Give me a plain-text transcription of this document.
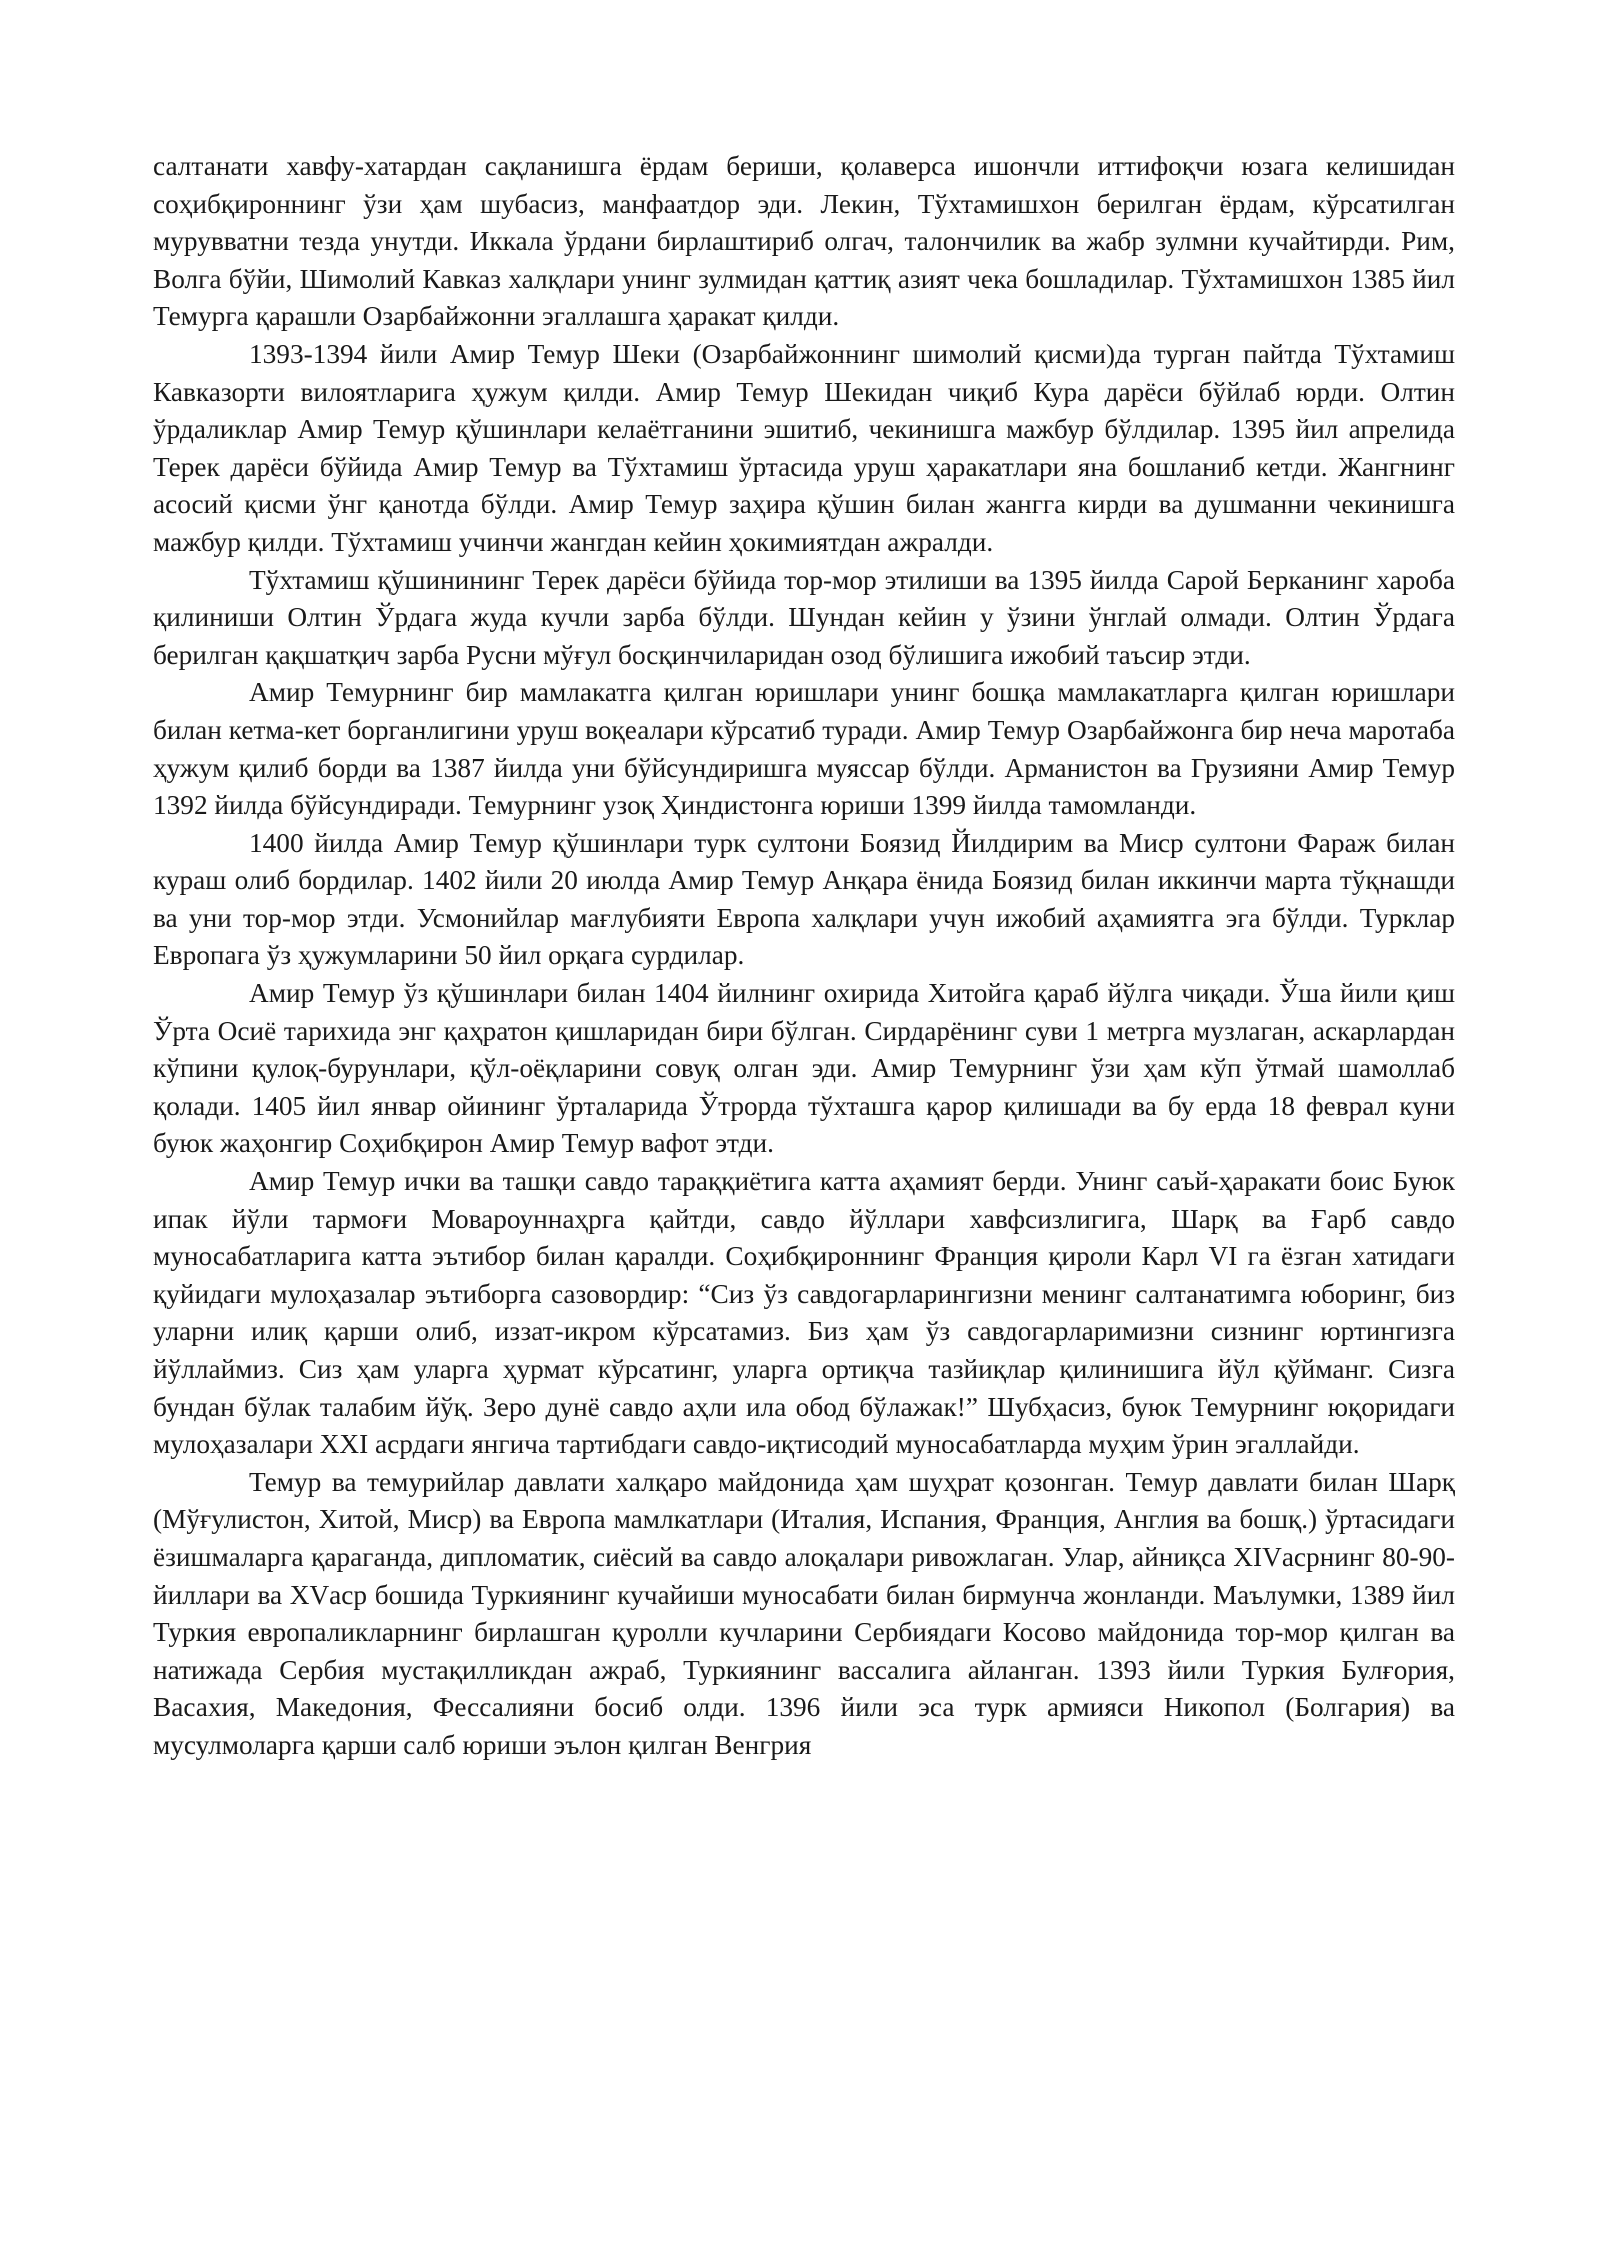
салтанати хавфу-хатардан сақланишга ёрдам бериши, қолаверса ишончли иттифоқчи юзага келишидан соҳибқироннинг ўзи ҳам шубасиз, манфаатдор эди. Лекин, Тўхтамишхон берилган ёрдам, кўрсатилган мурувватни тезда унутди. Иккала ўрдани бирлаштириб олгач, талончилик ва жабр зулмни кучайтирди. Рим, Волга бўйи, Шимолий Кавказ халқлари унинг зулмидан қаттиқ азият чека бошладилар. Тўхтамишхон 1385 йил Темурга қарашли Озарбайжонни эгаллашга ҳаракат қилди.

1393-1394 йили Амир Темур Шеки (Озарбайжоннинг шимолий қисми)да турган пайтда Тўхтамиш Кавказорти вилоятларига ҳужум қилди. Амир Темур Шекидан чиқиб Кура дарёси бўйлаб юрди. Олтин ўрдаликлар Амир Темур қўшинлари келаётганини эшитиб, чекинишга мажбур бўлдилар. 1395 йил апрелида Терек дарёси бўйида Амир Темур ва Тўхтамиш ўртасида уруш ҳаракатлари яна бошланиб кетди. Жангнинг асосий қисми ўнг қанотда бўлди. Амир Темур заҳира қўшин билан жангга кирди ва душманни чекинишга мажбур қилди. Тўхтамиш учинчи жангдан кейин ҳокимиятдан ажралди.

Тўхтамиш қўшинининг Терек дарёси бўйида тор-мор этилиши ва 1395 йилда Сарой Берканинг хароба қилиниши Олтин Ўрдага жуда кучли зарба бўлди. Шундан кейин у ўзини ўнглай олмади. Олтин Ўрдага берилган қақшатқич зарба Русни мўғул босқинчиларидан озод бўлишига ижобий таъсир этди.

Амир Темурнинг бир мамлакатга қилган юришлари унинг бошқа мамлакатларга қилган юришлари билан кетма-кет борганлигини уруш воқеалари кўрсатиб туради. Амир Темур Озарбайжонга бир неча маротаба ҳужум қилиб борди ва 1387 йилда уни бўйсундиришга муяссар бўлди. Арманистон ва Грузияни Амир Темур 1392 йилда бўйсундиради. Темурнинг узоқ Ҳиндистонга юриши 1399 йилда тамомланди.

1400 йилда Амир Темур қўшинлари турк султони Боязид Йилдирим ва Миср султони Фараж билан кураш олиб бордилар. 1402 йили 20 июлда Амир Темур Анқара ёнида Боязид билан иккинчи марта тўқнашди ва уни тор-мор этди. Усмонийлар мағлубияти Европа халқлари учун ижобий аҳамиятга эга бўлди. Турклар Европага ўз ҳужумларини 50 йил орқага сурдилар.

Амир Темур ўз қўшинлари билан 1404 йилнинг охирида Хитойга қараб йўлга чиқади. Ўша йили қиш Ўрта Осиё тарихида энг қаҳратон қишларидан бири бўлган. Сирдарёнинг суви 1 метрга музлаган, аскарлардан кўпини қулоқ-бурунлари, қўл-оёқларини совуқ олган эди. Амир Темурнинг ўзи ҳам кўп ўтмай шамоллаб қолади. 1405 йил январ ойининг ўрталарида Ўтрорда тўхташга қарор қилишади ва бу ерда 18 феврал куни буюк жаҳонгир Соҳибқирон Амир Темур вафот этди.

Амир Темур ички ва ташқи савдо тараққиётига катта аҳамият берди. Унинг саъй-ҳаракати боис Буюк ипак йўли тармоғи Мовароуннаҳрга қайтди, савдо йўллари хавфсизлигига, Шарқ ва Ғарб савдо муносабатларига катта эътибор билан қаралди. Соҳибқироннинг Франция қироли Карл VI га ёзган хатидаги қуйидаги мулоҳазалар эътиборга сазовордир: “Сиз ўз савдогарларингизни менинг салтанатимга юборинг, биз уларни илиқ қарши олиб, иззат-икром кўрсатамиз. Биз ҳам ўз савдогарларимизни сизнинг юртингизга йўллаймиз. Сиз ҳам уларга ҳурмат кўрсатинг, уларга ортиқча тазйиқлар қилинишига йўл қўйманг. Сизга бундан бўлак талабим йўқ. Зеро дунё савдо аҳли ила обод бўлажак!” Шубҳасиз, буюк Темурнинг юқоридаги мулоҳазалари XXI асрдаги янгича тартибдаги савдо-иқтисодий муносабатларда муҳим ўрин эгаллайди.

Темур ва темурийлар давлати халқаро майдонида ҳам шуҳрат қозонган. Темур давлати билан Шарқ (Мўғулистон, Хитой, Миср) ва Европа мамлкатлари (Италия, Испания, Франция, Англия ва бошқ.) ўртасидаги ёзишмаларга қараганда, дипломатик, сиёсий ва савдо алоқалари ривожлаган. Улар, айниқса XIVасрнинг 80-90-йиллари ва XVаср бошида Туркиянинг кучайиши муносабати билан бирмунча жонланди. Маълумки, 1389 йил Туркия европаликларнинг бирлашган қуролли кучларини Сербиядаги Косово майдонида тор-мор қилган ва натижада Сербия мустақилликдан ажраб, Туркиянинг вассалига айланган. 1393 йили Туркия Булғория, Васахия, Македония, Фессалияни босиб олди. 1396 йили эса турк армияси Никопол (Болгария) ва мусулмоларга қарши салб юриши эълон қилган Венгрия
